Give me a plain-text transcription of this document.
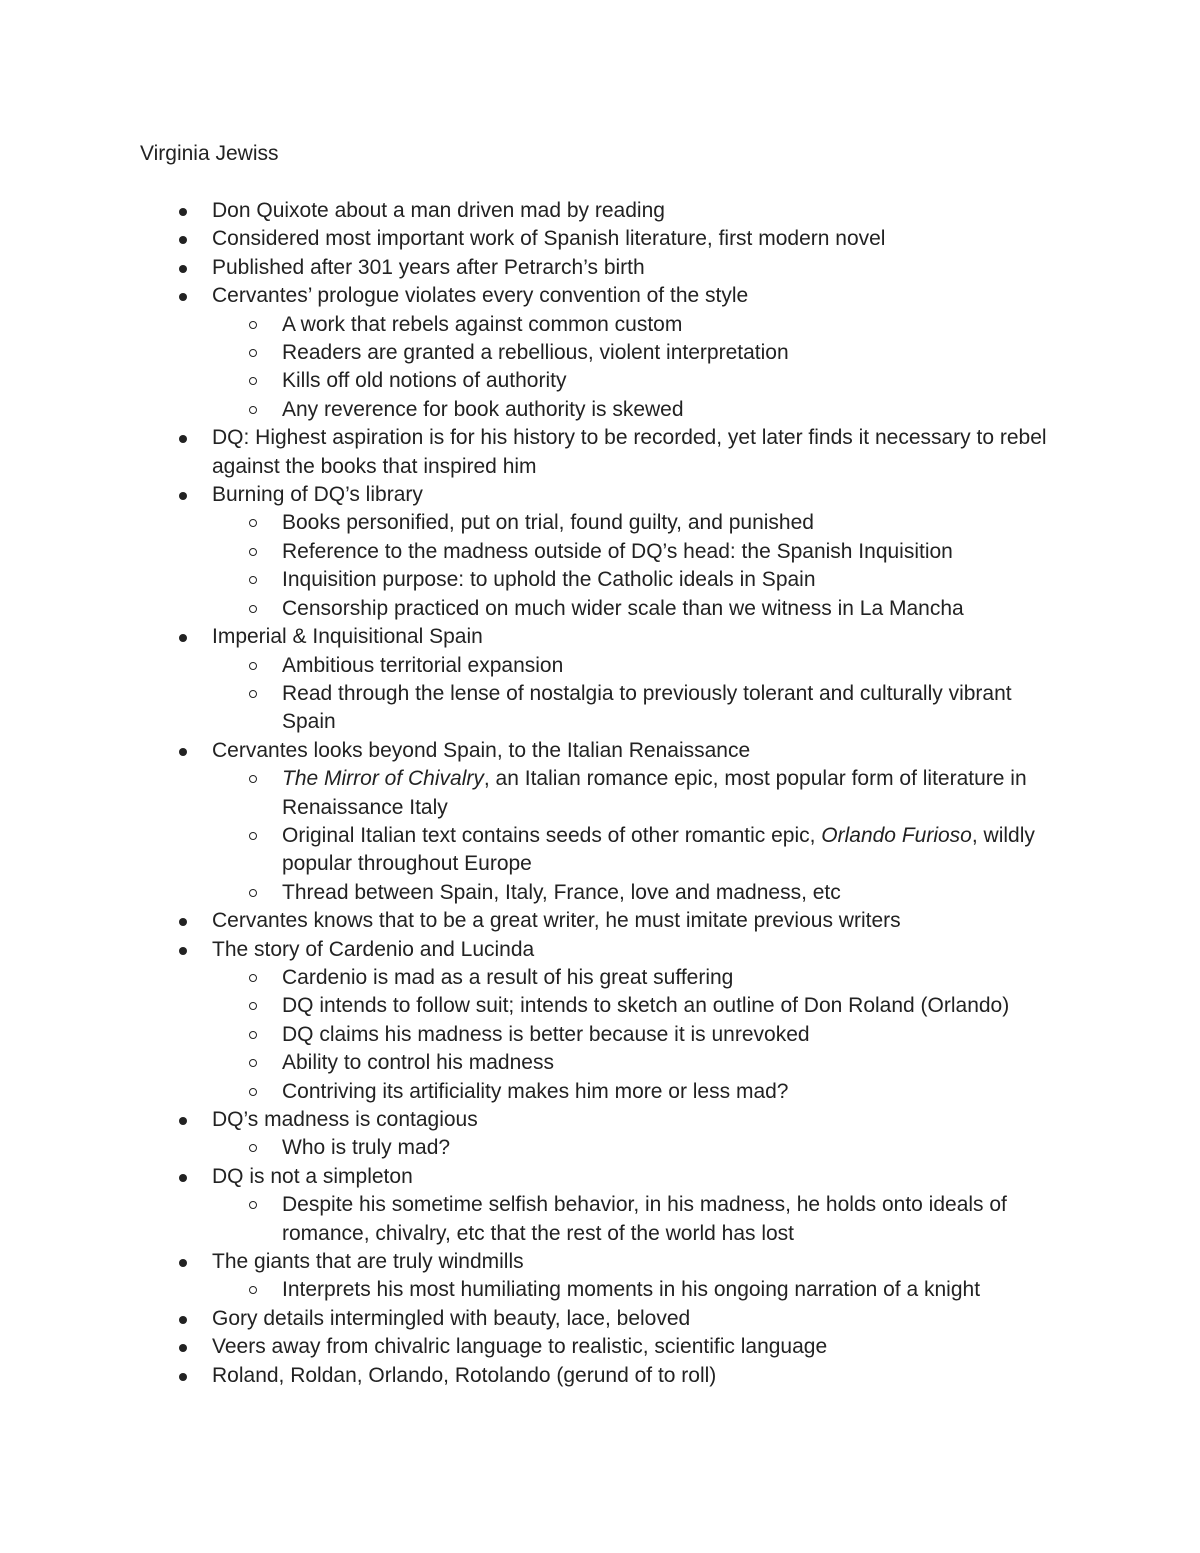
Virginia Jewiss

Don Quixote about a man driven mad by reading
Considered most important work of Spanish literature, first modern novel
Published after 301 years after Petrarch’s birth
Cervantes’ prologue violates every convention of the style
A work that rebels against common custom
Readers are granted a rebellious, violent interpretation
Kills off old notions of authority
Any reverence for book authority is skewed
DQ: Highest aspiration is for his history to be recorded, yet later finds it necessary to rebel against the books that inspired him
Burning of DQ’s library
Books personified, put on trial, found guilty, and punished
Reference to the madness outside of DQ’s head: the Spanish Inquisition
Inquisition purpose: to uphold the Catholic ideals in Spain
Censorship practiced on much wider scale than we witness in La Mancha
Imperial & Inquisitional Spain
Ambitious territorial expansion
Read through the lense of nostalgia to previously tolerant and culturally vibrant Spain
Cervantes looks beyond Spain, to the Italian Renaissance
The Mirror of Chivalry, an Italian romance epic, most popular form of literature in Renaissance Italy
Original Italian text contains seeds of other romantic epic, Orlando Furioso, wildly popular throughout Europe
Thread between Spain, Italy, France, love and madness, etc
Cervantes knows that to be a great writer, he must imitate previous writers
The story of Cardenio and Lucinda
Cardenio is mad as a result of his great suffering
DQ intends to follow suit; intends to sketch an outline of Don Roland (Orlando)
DQ claims his madness is better because it is unrevoked
Ability to control his madness
Contriving its artificiality makes him more or less mad?
DQ’s madness is contagious
Who is truly mad?
DQ is not a simpleton
Despite his sometime selfish behavior, in his madness, he holds onto ideals of romance, chivalry, etc that the rest of the world has lost
The giants that are truly windmills
Interprets his most humiliating moments in his ongoing narration of a knight
Gory details intermingled with beauty, lace, beloved
Veers away from chivalric language to realistic, scientific language
Roland, Roldan, Orlando, Rotolando (gerund of to roll)
